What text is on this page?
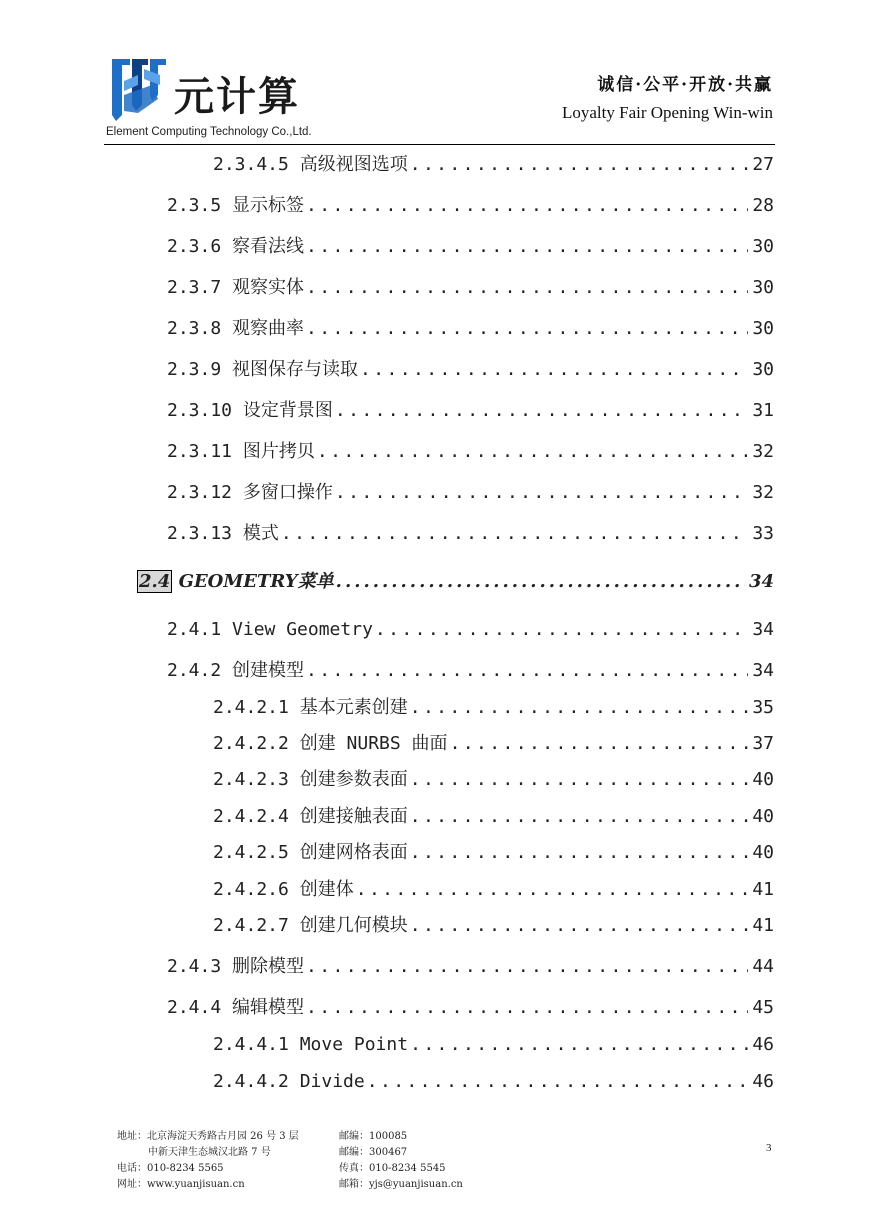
元计算
Element Computing Technology Co.,Ltd.
诚信·公平·开放·共赢
Loyalty Fair Opening Win-win
2.3.4.5 高级视图选项 .....	27
2.3.5 显示标签 .....	28
2.3.6 察看法线 .....	30
2.3.7 观察实体 .....	30
2.3.8 观察曲率 .....	30
2.3.9 视图保存与读取 .....	30
2.3.10 设定背景图 .....	31
2.3.11 图片拷贝 .....	32
2.3.12 多窗口操作 .....	32
2.3.13 模式 .....	33
2.4 GEOMETRY菜单 .....	34
2.4.1 View Geometry .....	34
2.4.2 创建模型 .....	34
2.4.2.1 基本元素创建 .....	35
2.4.2.2 创建 NURBS 曲面 .....	37
2.4.2.3 创建参数表面 .....	40
2.4.2.4 创建接触表面 .....	40
2.4.2.5 创建网格表面 .....	40
2.4.2.6 创建体 .....	41
2.4.2.7 创建几何模块 .....	41
2.4.3 删除模型 .....	44
2.4.4 编辑模型 .....	45
2.4.4.1 Move Point .....	46
2.4.4.2 Divide .....	46
地址：北京海淀天秀路古月园 26 号 3 层	邮编：100085
中新天津生态城汉北路 7 号	邮编：300467
电话：010-8234 5565	传真：010-8234 5545
网址：www.yuanjisuan.cn	邮箱：yjs@yuanjisuan.cn
3
